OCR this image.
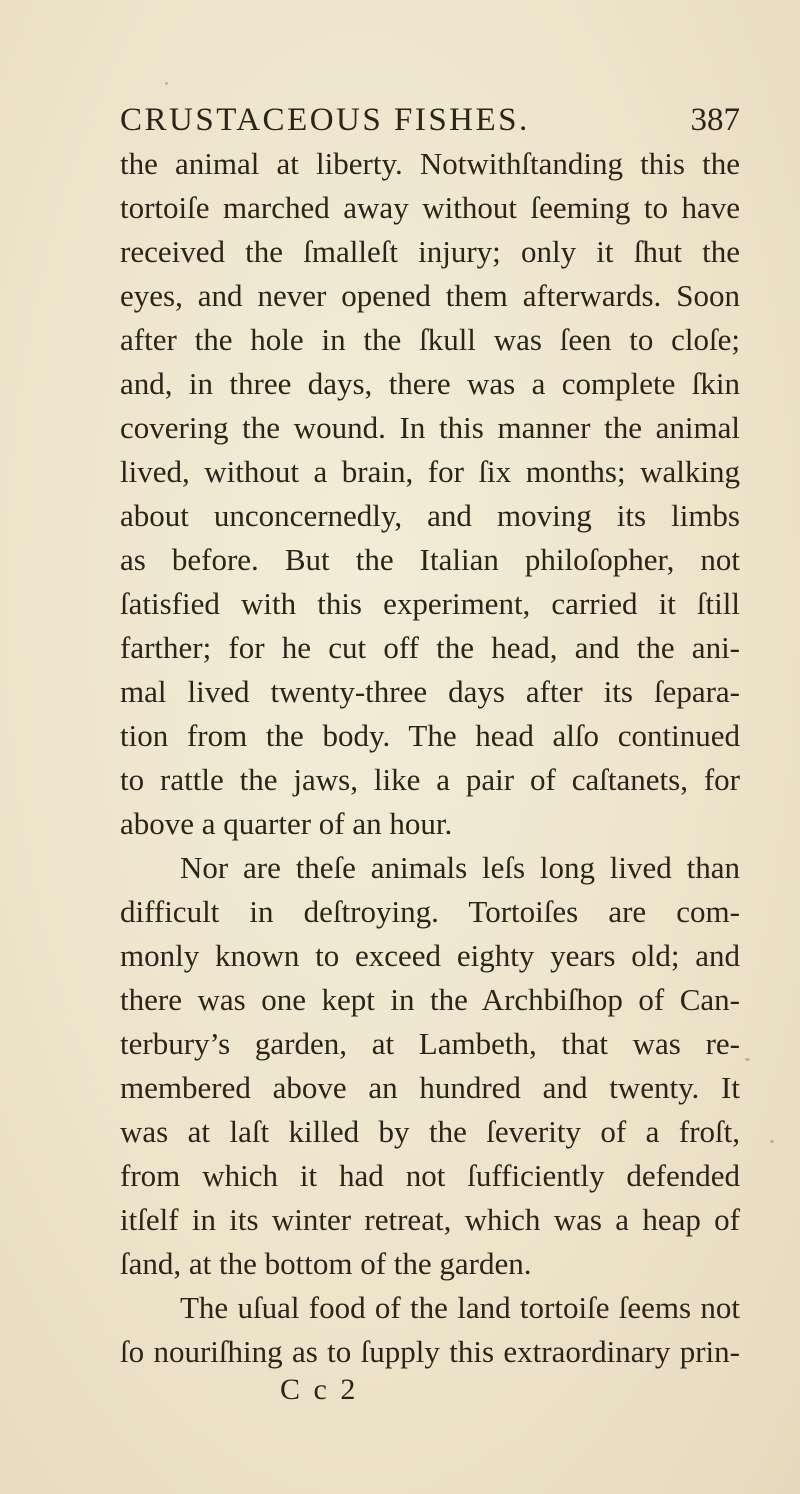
CRUSTACEOUS FISHES.	387
the animal at liberty. Notwithſtanding this the
tortoiſe marched away without ſeeming to have
received the ſmalleſt injury; only it ſhut the
eyes, and never opened them afterwards. Soon
after the hole in the ſkull was ſeen to cloſe;
and, in three days, there was a complete ſkin
covering the wound. In this manner the animal
lived, without a brain, for ſix months; walking
about unconcernedly, and moving its limbs
as before. But the Italian philoſopher, not
ſatisfied with this experiment, carried it ſtill
farther; for he cut off the head, and the ani-
mal lived twenty-three days after its ſepara-
tion from the body. The head alſo continued
to rattle the jaws, like a pair of caſtanets, for
above a quarter of an hour.
Nor are theſe animals leſs long lived than
difficult in deſtroying. Tortoiſes are com-
monly known to exceed eighty years old; and
there was one kept in the Archbiſhop of Can-
terbury’s garden, at Lambeth, that was re-
membered above an hundred and twenty. It
was at laſt killed by the ſeverity of a froſt,
from which it had not ſufficiently defended
itſelf in its winter retreat, which was a heap of
ſand, at the bottom of the garden.
The uſual food of the land tortoiſe ſeems not
ſo nouriſhing as to ſupply this extraordinary prin-
C c 2
